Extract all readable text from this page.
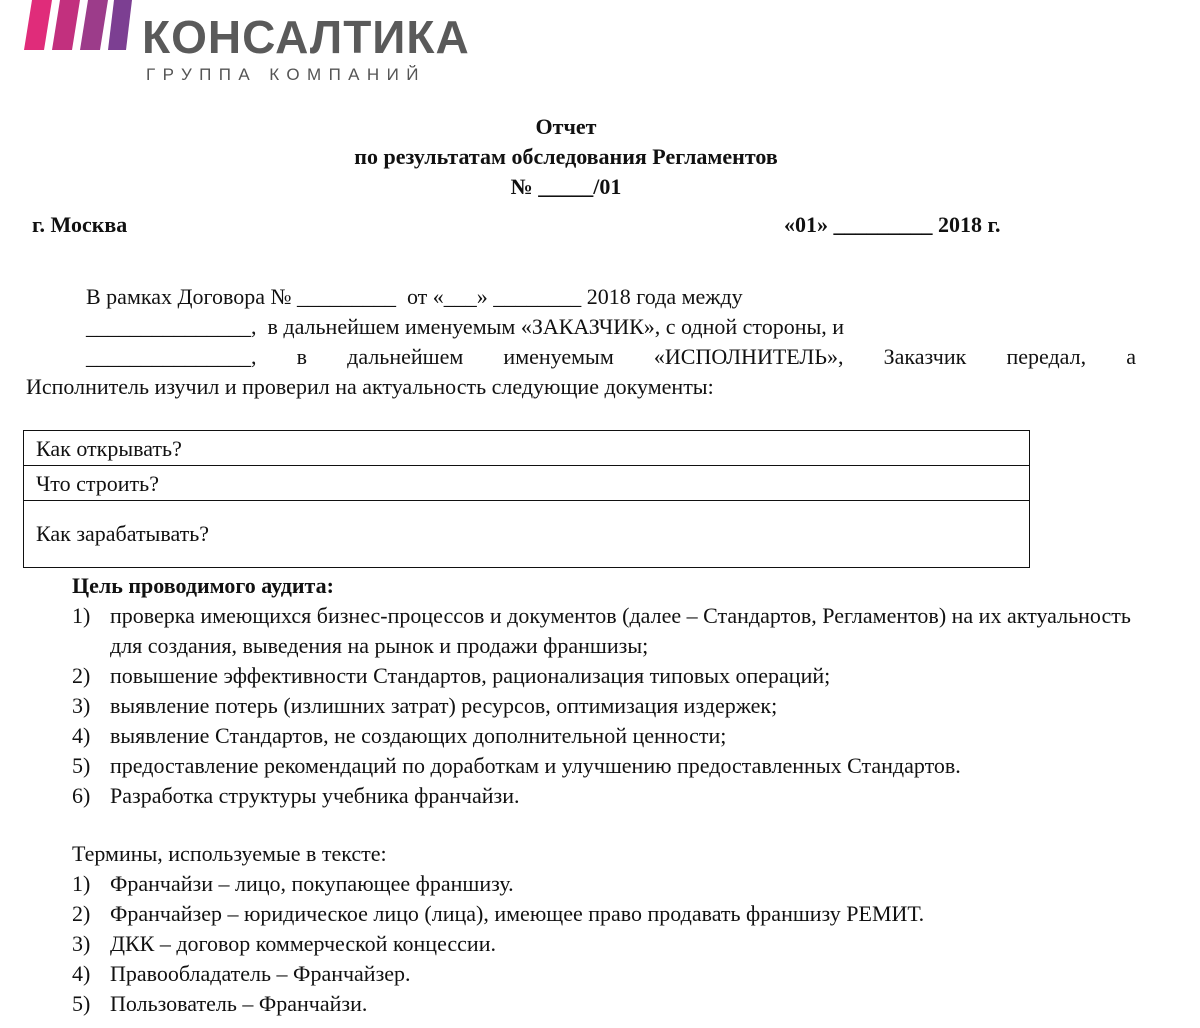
КОНСАЛТИКА
ГРУППА КОМПАНИЙ
Отчет
по результатам обследования Регламентов
№ _____/01
г. Москва	«01» _________ 2018 г.
В рамках Договора № _________  от «___» ________ 2018 года между
_______________,  в дальнейшем именуемым «ЗАКАЗЧИК», с одной стороны, и
_______________, в дальнейшем именуемым «ИСПОЛНИТЕЛЬ», Заказчик передал, а
Исполнитель изучил и проверил на актуальность следующие документы:
Как открывать?
Что строить?
Как зарабатывать?
Цель проводимого аудита:
1) проверка имеющихся бизнес-процессов и документов (далее – Стандартов, Регламентов) на их актуальность для создания, выведения на рынок и продажи франшизы;
2) повышение эффективности Стандартов, рационализация типовых операций;
3) выявление потерь (излишних затрат) ресурсов, оптимизация издержек;
4) выявление Стандартов, не создающих дополнительной ценности;
5) предоставление рекомендаций по доработкам и улучшению предоставленных Стандартов.
6) Разработка структуры учебника франчайзи.
Термины, используемые в тексте:
1) Франчайзи – лицо, покупающее франшизу.
2) Франчайзер – юридическое лицо (лица), имеющее право продавать франшизу РЕМИТ.
3) ДКК – договор коммерческой концессии.
4) Правообладатель – Франчайзер.
5) Пользователь – Франчайзи.
